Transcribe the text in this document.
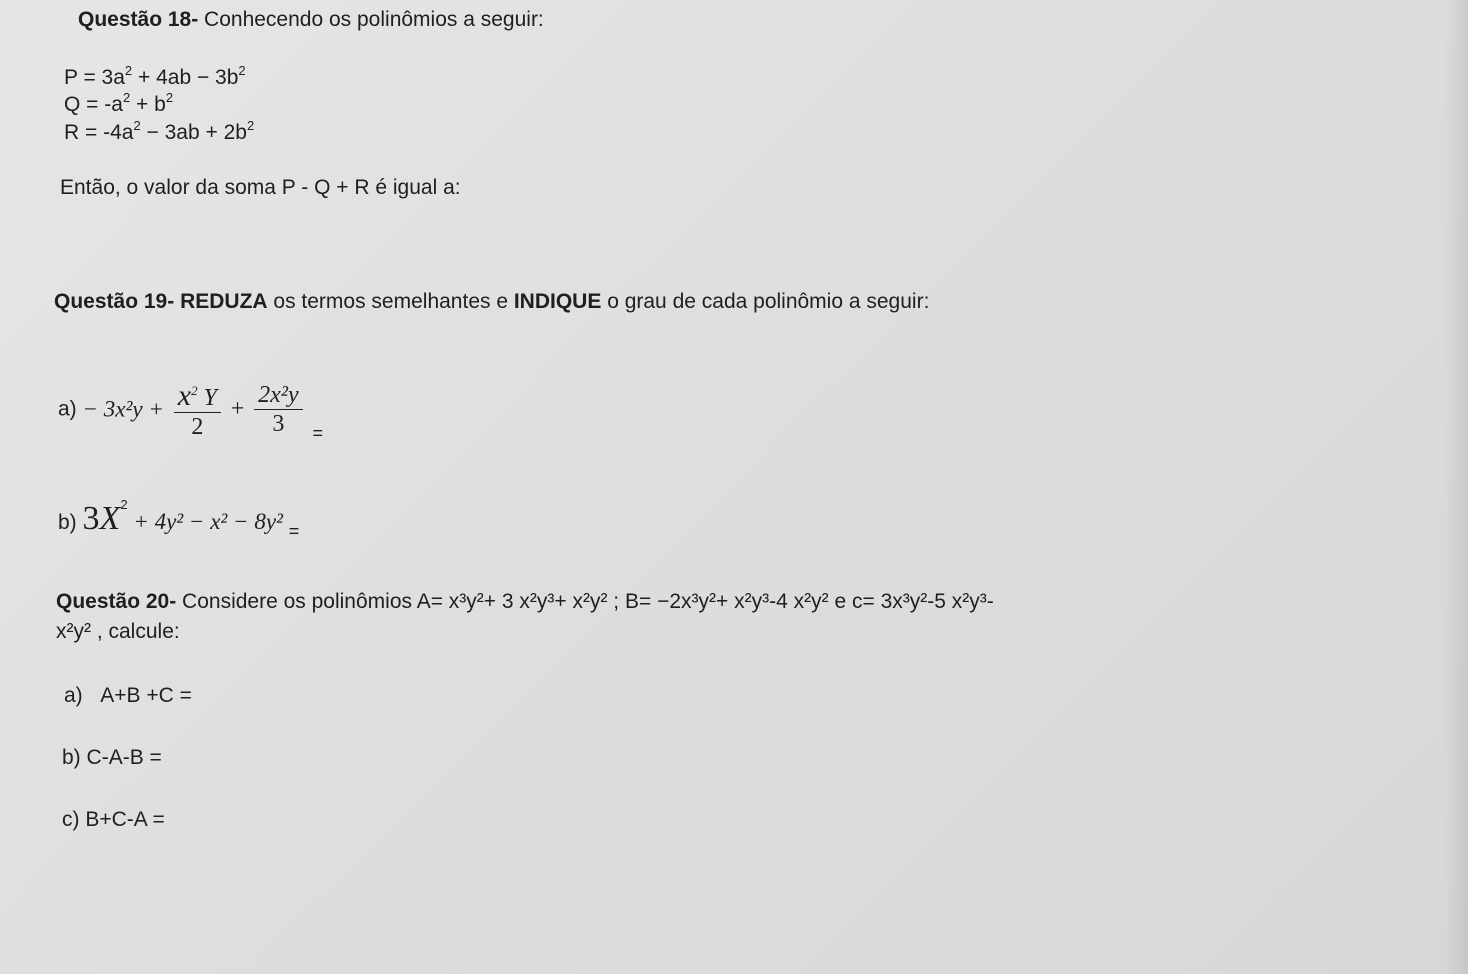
Questão 18- Conhecendo os polinômios a seguir:
$P = 3a^2 + 4ab - 3b^2$
$Q = -a^2 + b^2$
$R = -4a^2 - 3ab + 2b^2$
Então, o valor da soma P - Q + R é igual a:
Questão 19- REDUZA os termos semelhantes e INDIQUE o grau de cada polinômio a seguir:
$a) - 3x^2y + \frac{x^2 Y}{2} + \frac{\text{2x²y}}{3}$ =
b) $3X^2 + 4y^2 - x^2 - 8y^2$ =
Questão 20- Considere os polinômios A= x³y²+ 3 x²y³+ x²y² ; B= −2x³y²+ x²y³-4 x²y² e c= 3x³y²-5 x²y³-
x²y² , calcule:
a) A+B +C =
b) C-A-B =
c) B+C-A =
